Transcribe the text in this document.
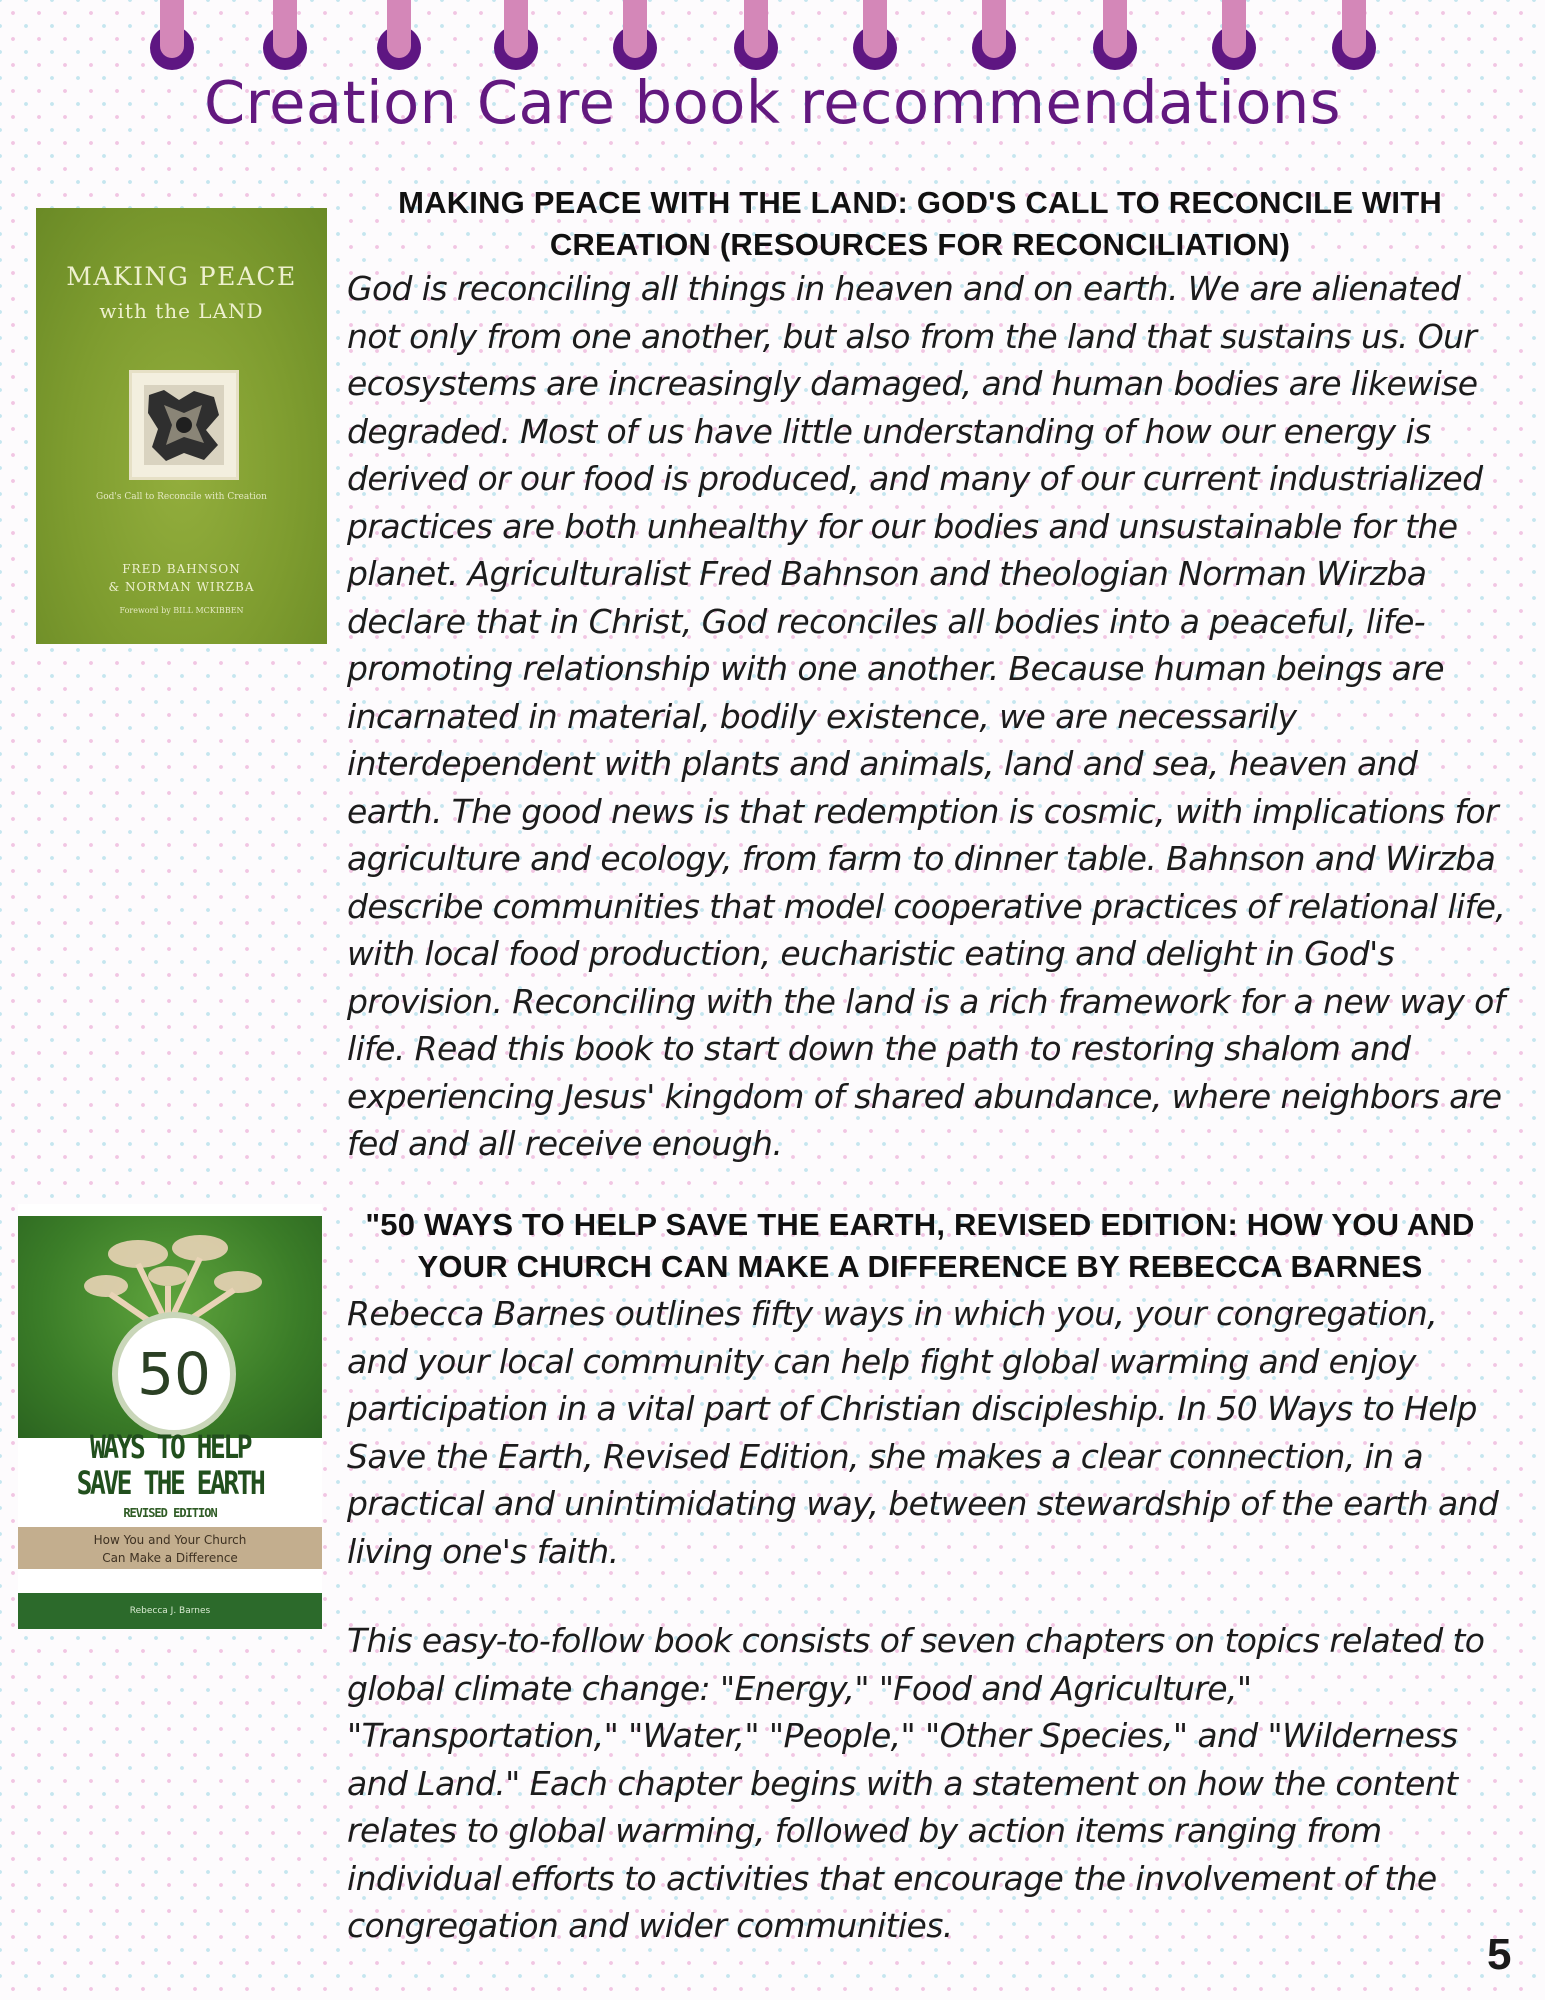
Creation Care book recommendations
MAKING PEACE
with the LAND
God's Call to Reconcile with Creation
FRED BAHNSON
& NORMAN WIRZBA
Foreword by BILL MCKIBBEN
MAKING PEACE WITH THE LAND: GOD'S CALL TO RECONCILE WITH CREATION (RESOURCES FOR RECONCILIATION)

God is reconciling all things in heaven and on earth. We are alienated not only from one another, but also from the land that sustains us. Our ecosystems are increasingly damaged, and human bodies are likewise degraded. Most of us have little understanding of how our energy is derived or our food is produced, and many of our current industrialized practices are both unhealthy for our bodies and unsustainable for the planet. Agriculturalist Fred Bahnson and theologian Norman Wirzba declare that in Christ, God reconciles all bodies into a peaceful, life-promoting relationship with one another. Because human beings are incarnated in material, bodily existence, we are necessarily interdependent with plants and animals, land and sea, heaven and earth. The good news is that redemption is cosmic, with implications for agriculture and ecology, from farm to dinner table. Bahnson and Wirzba describe communities that model cooperative practices of relational life, with local food production, eucharistic eating and delight in God's provision. Reconciling with the land is a rich framework for a new way of life. Read this book to start down the path to restoring shalom and experiencing Jesus' kingdom of shared abundance, where neighbors are fed and all receive enough.

50
WAYS TO HELP
SAVE THE EARTH
REVISED EDITION
How You and Your Church
Can Make a Difference
Rebecca J. Barnes
"50 WAYS TO HELP SAVE THE EARTH, REVISED EDITION: HOW YOU AND YOUR CHURCH CAN MAKE A DIFFERENCE BY REBECCA BARNES

Rebecca Barnes outlines fifty ways in which you, your congregation, and your local community can help fight global warming and enjoy participation in a vital part of Christian discipleship. In 50 Ways to Help Save the Earth, Revised Edition, she makes a clear connection, in a practical and unintimidating way, between stewardship of the earth and living one's faith.

This easy-to-follow book consists of seven chapters on topics related to global climate change: "Energy," "Food and Agriculture," "Transportation," "Water," "People," "Other Species," and "Wilderness and Land." Each chapter begins with a statement on how the content relates to global warming, followed by action items ranging from individual efforts to activities that encourage the involvement of the congregation and wider communities.

5
